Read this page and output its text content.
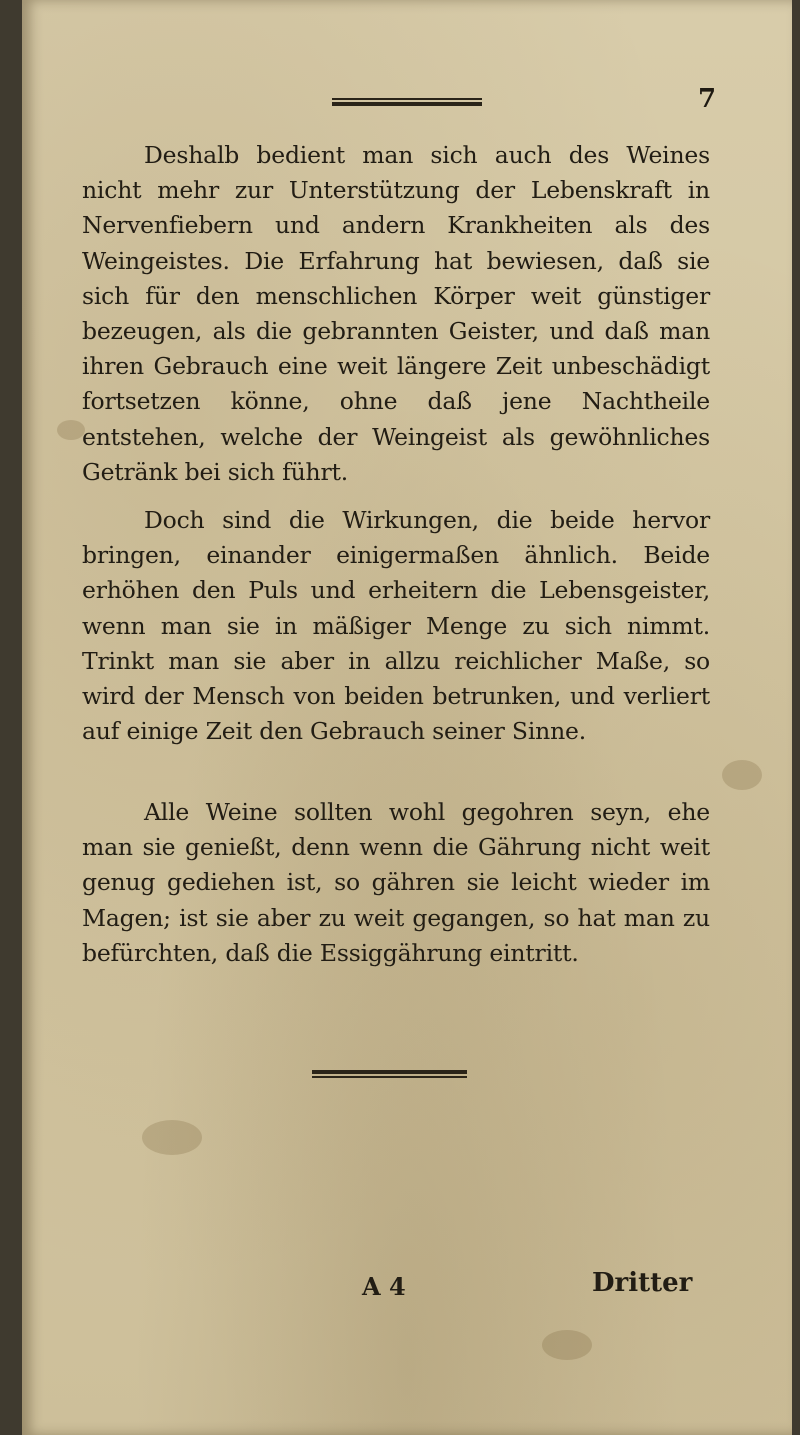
7
Deshalb bedient man sich auch des Weines nicht mehr zur Unterstützung der Lebenskraft in Nervenfiebern und andern Krankheiten als des Weingeistes. Die Erfahrung hat bewiesen, daß sie sich für den menschlichen Körper weit günstiger bezeugen, als die gebrannten Geister, und daß man ihren Gebrauch eine weit längere Zeit unbeschädigt fortsetzen könne, ohne daß jene Nachtheile entstehen, welche der Weingeist als gewöhnliches Getränk bei sich führt.
Doch sind die Wirkungen, die beide hervor bringen, einander einigermaßen ähnlich. Beide erhöhen den Puls und erheitern die Lebensgeister, wenn man sie in mäßiger Menge zu sich nimmt. Trinkt man sie aber in allzu reichlicher Maße, so wird der Mensch von beiden betrunken, und verliert auf einige Zeit den Gebrauch seiner Sinne.
Alle Weine sollten wohl gegohren seyn, ehe man sie genießt, denn wenn die Gährung nicht weit genug gediehen ist, so gähren sie leicht wieder im Magen; ist sie aber zu weit gegangen, so hat man zu befürchten, daß die Essiggährung eintritt.
A 4	Dritter
